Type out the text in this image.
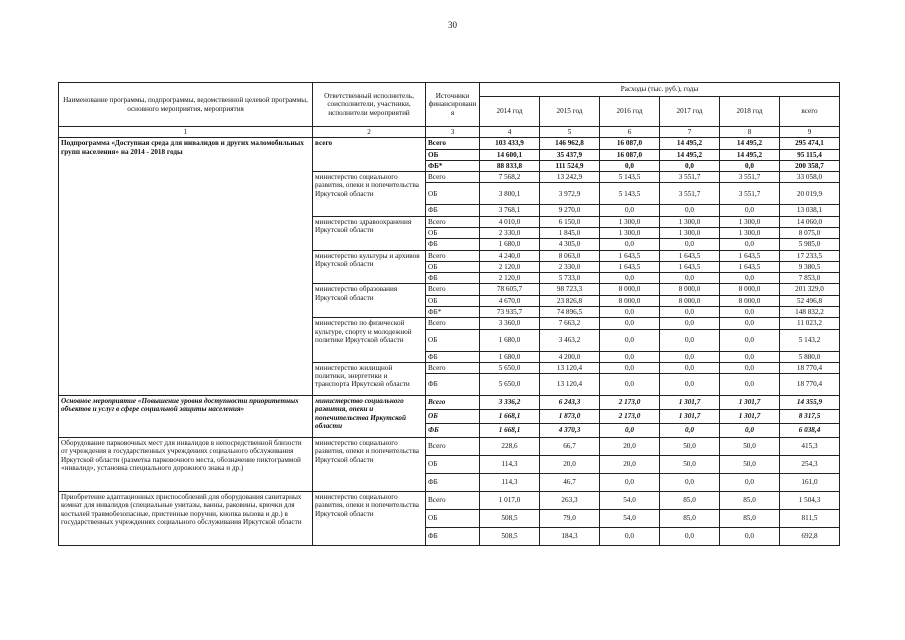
30
Наименование программы, подпрограммы, ведомственной целевой программы, основного мероприятия, мероприятия	Ответственный исполнитель, соисполнители, участники, исполнители мероприятий	Источники финансировани я	Расходы (тыс. руб.), годы					
			2014 год	2015 год	2016 год	2017 год	2018 год	всего
1	2	3	4	5	6	7	8	9
Подпрограмма «Доступная среда для инвалидов и других маломобильных групп населения» на 2014 - 2018 годы	всего	Всего	103 433,9	146 962,8	16 087,0	14 495,2	14 495,2	295 474,1
		ОБ	14 600,1	35 437,9	16 087,0	14 495,2	14 495,2	95 115,4
		ФБ*	88 833,8	111 524,9	0,0	0,0	0,0	200 358,7
	министерство социального развития, опеки и попечительства Иркутской области	Всего	7 568,2	13 242,9	5 143,5	3 551,7	3 551,7	33 058,0
		ОБ	3 800,1	3 972,9	5 143,5	3 551,7	3 551,7	20 019,9
		ФБ	3 768,1	9 270,0	0,0	0,0	0,0	13 038,1
	министерство здравоохранения Иркутской области	Всего	4 010,0	6 150,0	1 300,0	1 300,0	1 300,0	14 060,0
		ОБ	2 330,0	1 845,0	1 300,0	1 300,0	1 300,0	8 075,0
		ФБ	1 680,0	4 305,0	0,0	0,0	0,0	5 985,0
	министерство культуры и архивов Иркутской области	Всего	4 240,0	8 063,0	1 643,5	1 643,5	1 643,5	17 233,5
		ОБ	2 120,0	2 330,0	1 643,5	1 643,5	1 643,5	9 380,5
		ФБ	2 120,0	5 733,0	0,0	0,0	0,0	7 853,0
	министерство образования Иркутской области	Всего	78 605,7	98 723,3	8 000,0	8 000,0	8 000,0	201 329,0
		ОБ	4 670,0	23 826,8	8 000,0	8 000,0	8 000,0	52 496,8
		ФБ*	73 935,7	74 896,5	0,0	0,0	0,0	148 832,2
	министерство по физической культуре, спорту и молодежной политике Иркутской области	Всего	3 360,0	7 663,2	0,0	0,0	0,0	11 023,2
		ОБ	1 680,0	3 463,2	0,0	0,0	0,0	5 143,2
		ФБ	1 680,0	4 200,0	0,0	0,0	0,0	5 880,0
	министерство жилищной политики, энергетики и транспорта Иркутской области	Всего	5 650,0	13 120,4	0,0	0,0	0,0	18 770,4
		ФБ	5 650,0	13 120,4	0,0	0,0	0,0	18 770,4
Основное мероприятие «Повышение уровня доступности приоритетных объектов и услуг в сфере социальной защиты населения»	министерство социального развития, опеки и попечительства Иркутской области	Всего	3 336,2	6 243,3	2 173,0	1 301,7	1 301,7	14 355,9
		ОБ	1 668,1	1 873,0	2 173,0	1 301,7	1 301,7	8 317,5
		ФБ	1 668,1	4 370,3	0,0	0,0	0,0	6 038,4
Оборудование парковочных мест для инвалидов в непосредственной близости от учреждения в государственных учреждениях социального обслуживания Иркутской области (разметка парковочного места, обозначение пиктограммой «инвалид», установка специального дорожного знака и др.)	министерство социального развития, опеки и попечительства Иркутской области	Всего	228,6	66,7	20,0	50,0	50,0	415,3
		ОБ	114,3	20,0	20,0	50,0	50,0	254,3
		ФБ	114,3	46,7	0,0	0,0	0,0	161,0
Приобретение адаптационных приспособлений для оборудования санитарных комнат для инвалидов (специальные унитазы, ванны, раковины, крючки для костылей травмобезопасные, пристенные поручни, кнопка вызова и др.) в государственных учреждениях социального обслуживания Иркутской области	министерство социального развития, опеки и попечительства Иркутской области	Всего	1 017,0	263,3	54,0	85,0	85,0	1 504,3
		ОБ	508,5	79,0	54,0	85,0	85,0	811,5
		ФБ	508,5	184,3	0,0	0,0	0,0	692,8
